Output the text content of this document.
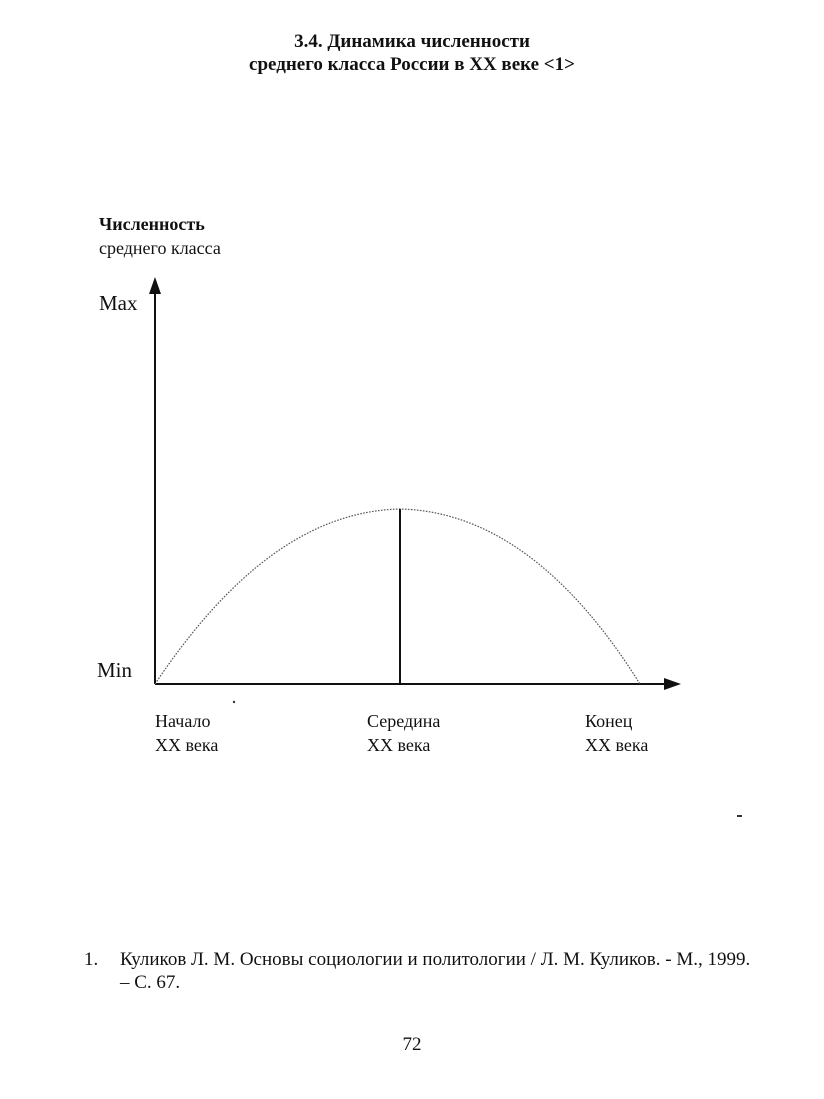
3.4. Динамика численности
среднего класса России в XX веке <1>
Численность
среднего класса
Max
Min
Начало
XX века
Середина
XX века
Конец
XX века
1. Куликов Л. М. Основы социологии и политологии / Л. М. Куликов. - М., 1999. – С. 67.
72
